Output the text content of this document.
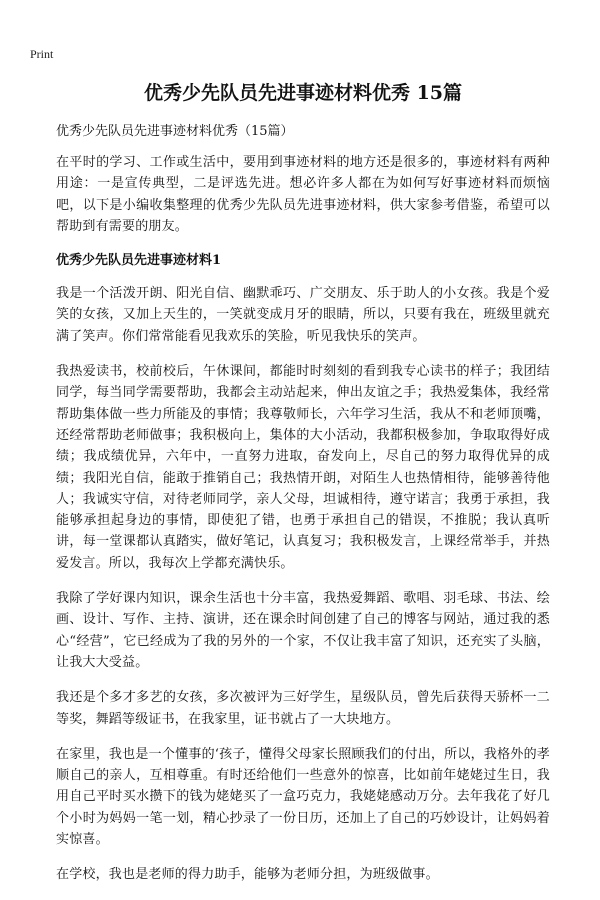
Print
优秀少先队员先进事迹材料优秀 15篇

优秀少先队员先进事迹材料优秀（15篇）

在平时的学习、工作或生活中，要用到事迹材料的地方还是很多的，事迹材料有两种用途：一是宣传典型，二是评选先进。想必许多人都在为如何写好事迹材料而烦恼吧，以下是小编收集整理的优秀少先队员先进事迹材料，供大家参考借鉴，希望可以帮助到有需要的朋友。

优秀少先队员先进事迹材料1

我是一个活泼开朗、阳光自信、幽默乖巧、广交朋友、乐于助人的小女孩。我是个爱笑的女孩，又加上天生的，一笑就变成月牙的眼睛，所以，只要有我在，班级里就充满了笑声。你们常常能看见我欢乐的笑脸，听见我快乐的笑声。

我热爱读书，校前校后，午休课间，都能时时刻刻的看到我专心读书的样子；我团结同学，每当同学需要帮助，我都会主动站起来，伸出友谊之手；我热爱集体，我经常帮助集体做一些力所能及的事情；我尊敬师长，六年学习生活，我从不和老师顶嘴，还经常帮助老师做事；我积极向上，集体的大小活动，我都积极参加，争取取得好成绩；我成绩优异，六年中，一直努力进取，奋发向上，尽自己的努力取得优异的成绩；我阳光自信，能敢于推销自己；我热情开朗，对陌生人也热情相待，能够善待他人；我诚实守信，对待老师同学，亲人父母，坦诚相待，遵守诺言；我勇于承担，我能够承担起身边的事情，即使犯了错，也勇于承担自己的错误，不推脱；我认真听讲，每一堂课都认真踏实，做好笔记，认真复习；我积极发言，上课经常举手，并热爱发言。所以，我每次上学都充满快乐。

我除了学好课内知识，课余生活也十分丰富，我热爱舞蹈、歌唱、羽毛球、书法、绘画、设计、写作、主持、演讲，还在课余时间创建了自己的博客与网站，通过我的悉心“经营”，它已经成为了我的另外的一个家，不仅让我丰富了知识，还充实了头脑，让我大大受益。

我还是个多才多艺的女孩，多次被评为三好学生，星级队员，曾先后获得天骄杯一二等奖，舞蹈等级证书，在我家里，证书就占了一大块地方。

在家里，我也是一个懂事的‘孩子，懂得父母家长照顾我们的付出，所以，我格外的孝顺自己的亲人，互相尊重。有时还给他们一些意外的惊喜，比如前年姥姥过生日，我用自己平时买水攒下的钱为姥姥买了一盒巧克力，我姥姥感动万分。去年我花了好几个小时为妈妈一笔一划，精心抄录了一份日历，还加上了自己的巧妙设计，让妈妈着实惊喜。

在学校，我也是老师的得力助手，能够为老师分担，为班级做事。
